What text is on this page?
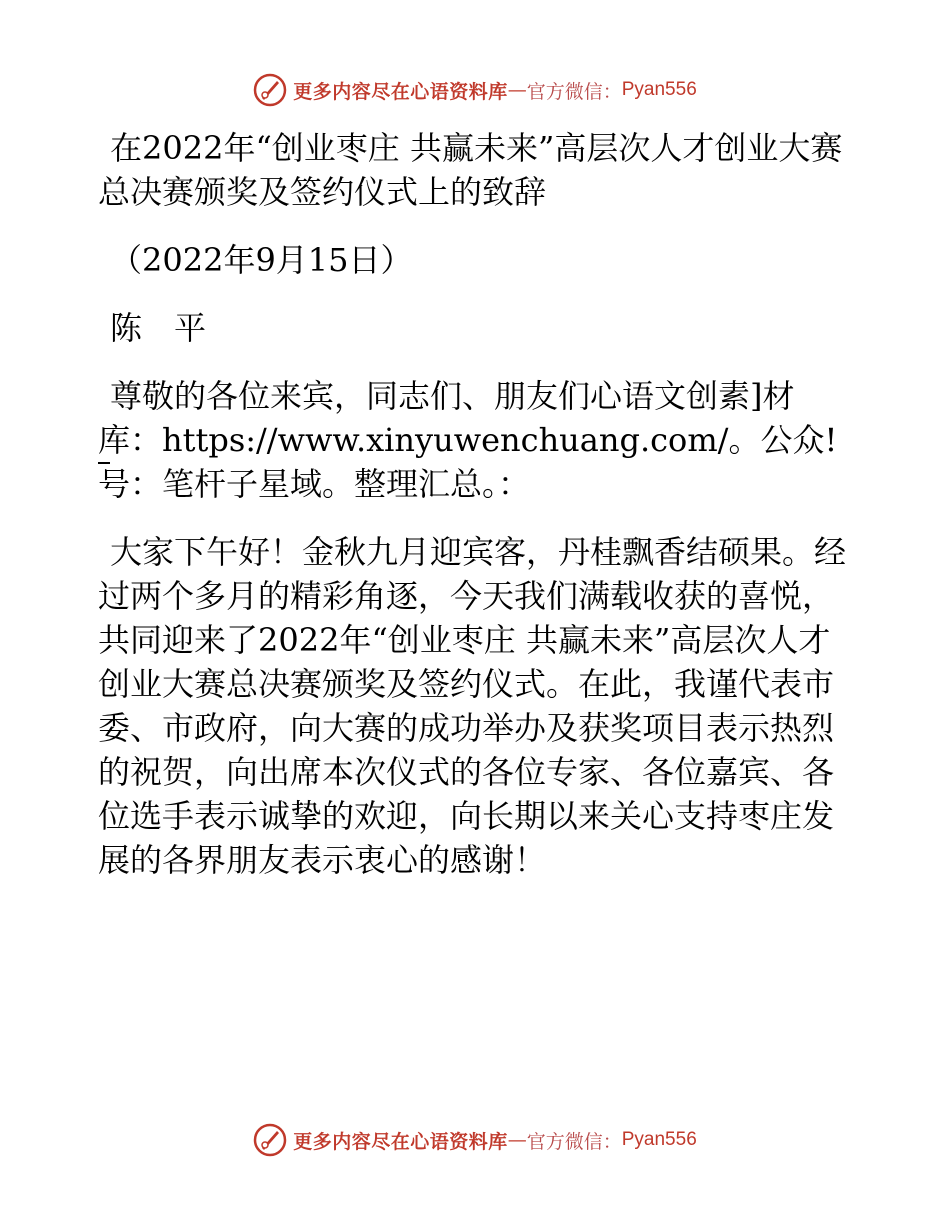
更多内容尽在心语资料库 — 官方微信： Pyan556
在2022年“创业枣庄 共赢未来”高层次人才创业大赛总决赛颁奖及签约仪式上的致辞
（2022年9月15日）
陈　平
尊敬的各位来宾，同志们、朋友们心语文创素]材库：https://www.xinyuwenchuang.com/。公众!号：笔杆子星域。整理汇总。：
大家下午好！金秋九月迎宾客，丹桂飘香结硕果。经过两个多月的精彩角逐，今天我们满载收获的喜悦，共同迎来了2022年“创业枣庄 共赢未来”高层次人才创业大赛总决赛颁奖及签约仪式。在此，我谨代表市委、市政府，向大赛的成功举办及获奖项目表示热烈的祝贺，向出席本次仪式的各位专家、各位嘉宾、各位选手表示诚挚的欢迎，向长期以来关心支持枣庄发展的各界朋友表示衷心的感谢！
更多内容尽在心语资料库 — 官方微信： Pyan556
